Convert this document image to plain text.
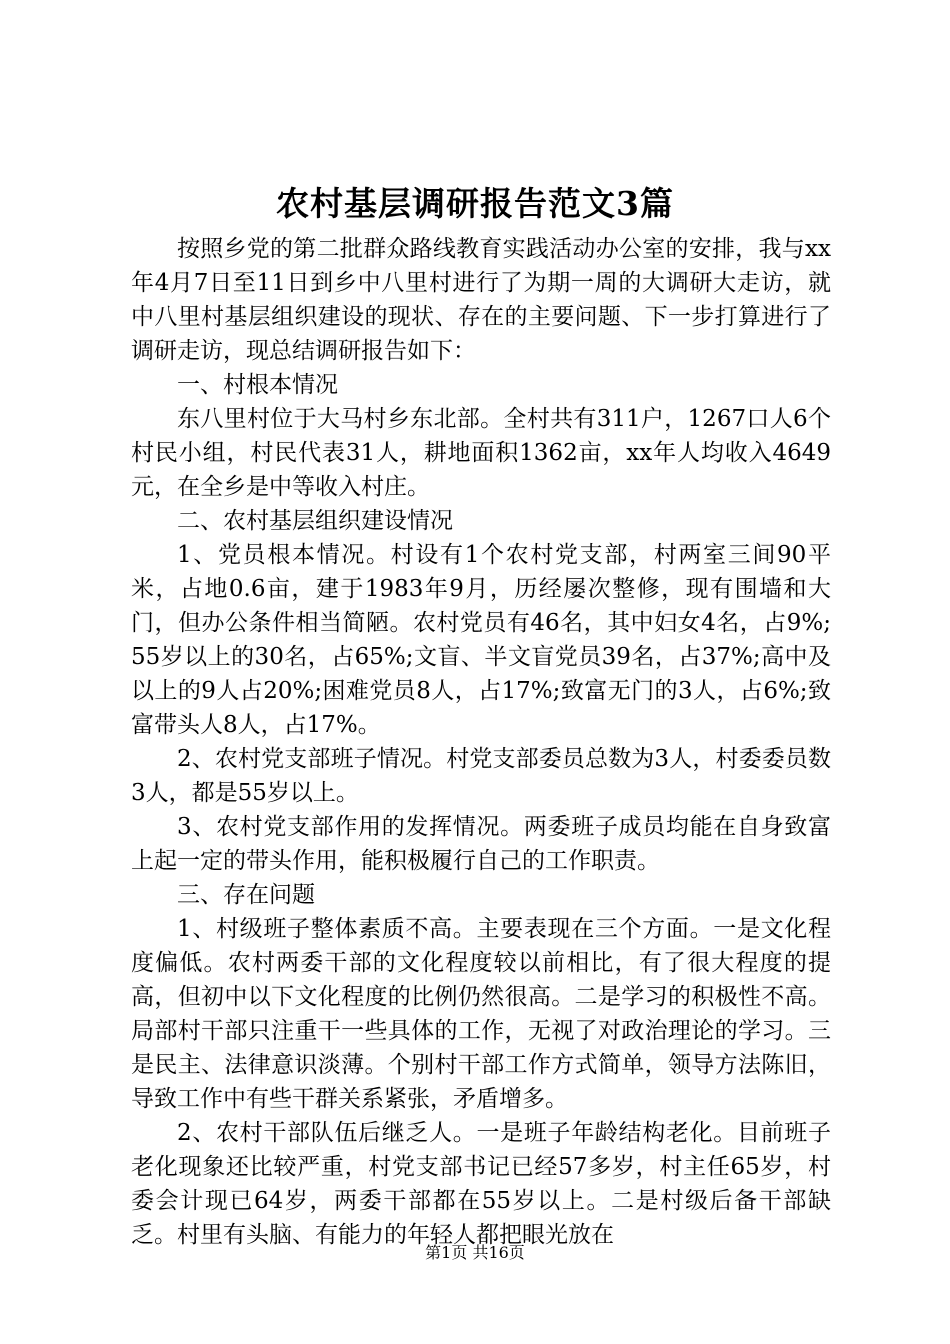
农村基层调研报告范文3篇

按照乡党的第二批群众路线教育实践活动办公室的安排，我与xx年4月7日至11日到乡中八里村进行了为期一周的大调研大走访，就中八里村基层组织建设的现状、存在的主要问题、下一步打算进行了调研走访，现总结调研报告如下：

一、村根本情况

东八里村位于大马村乡东北部。全村共有311户，1267口人6个村民小组，村民代表31人，耕地面积1362亩，xx年人均收入4649元，在全乡是中等收入村庄。

二、农村基层组织建设情况

1、党员根本情况。村设有1个农村党支部，村两室三间90平米，占地0.6亩，建于1983年9月，历经屡次整修，现有围墙和大门，但办公条件相当简陋。农村党员有46名，其中妇女4名，占9%;55岁以上的30名，占65%;文盲、半文盲党员39名，占37%;高中及以上的9人占20%;困难党员8人，占17%;致富无门的3人，占6%;致富带头人8人，占17%。

2、农村党支部班子情况。村党支部委员总数为3人，村委委员数3人，都是55岁以上。

3、农村党支部作用的发挥情况。两委班子成员均能在自身致富上起一定的带头作用，能积极履行自己的工作职责。

三、存在问题

1、村级班子整体素质不高。主要表现在三个方面。一是文化程度偏低。农村两委干部的文化程度较以前相比，有了很大程度的提高，但初中以下文化程度的比例仍然很高。二是学习的积极性不高。局部村干部只注重干一些具体的工作，无视了对政治理论的学习。三是民主、法律意识淡薄。个别村干部工作方式简单，领导方法陈旧，导致工作中有些干群关系紧张，矛盾增多。

2、农村干部队伍后继乏人。一是班子年龄结构老化。目前班子老化现象还比较严重，村党支部书记已经57多岁，村主任65岁，村委会计现已64岁，两委干部都在55岁以上。二是村级后备干部缺乏。村里有头脑、有能力的年轻人都把眼光放在

第1页 共16页
